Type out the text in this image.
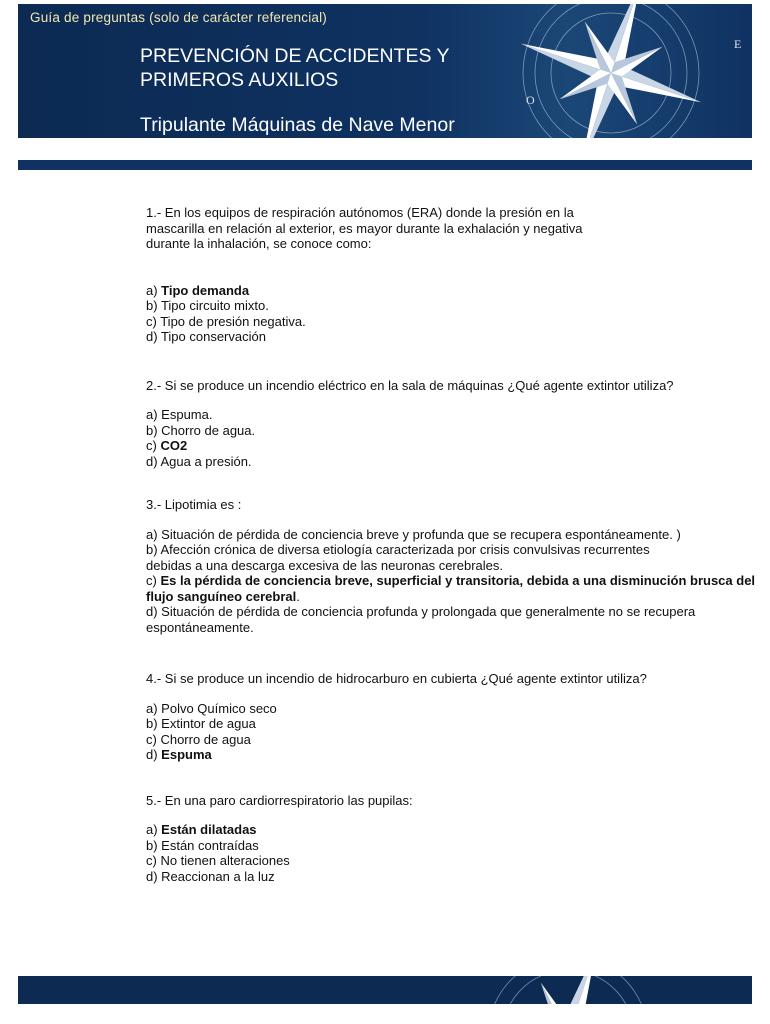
Guía de preguntas (solo de carácter referencial)
PREVENCIÓN DE ACCIDENTES Y
PRIMEROS AUXILIOS
Tripulante Máquinas de Nave Menor
O
E
1.- En los equipos de respiración autónomos (ERA) donde la presión en la
mascarilla en relación al exterior, es mayor durante la exhalación y negativa
durante la inhalación, se conoce como:
a) Tipo demanda
b) Tipo circuito mixto.
c) Tipo de presión negativa.
d) Tipo conservación
2.- Si se produce un incendio eléctrico en la sala de máquinas ¿Qué agente extintor utiliza?
a) Espuma.
b) Chorro de agua.
c) CO2
d) Agua a presión.
3.- Lipotimia es :
a) Situación de pérdida de conciencia breve y profunda que se recupera espontáneamente. )
b) Afección crónica de diversa etiología caracterizada por crisis convulsivas recurrentes
debidas a una descarga excesiva de las neuronas cerebrales.
c) Es la pérdida de conciencia breve, superficial y transitoria, debida a una disminución brusca del flujo sanguíneo cerebral.
d) Situación de pérdida de conciencia profunda y prolongada que generalmente no se recupera espontáneamente.
4.- Si se produce un incendio de hidrocarburo en cubierta ¿Qué agente extintor utiliza?
a) Polvo Químico seco
b) Extintor de agua
c) Chorro de agua
d) Espuma
5.- En una paro cardiorrespiratorio las pupilas:
a) Están dilatadas
b) Están contraídas
c) No tienen alteraciones
d) Reaccionan a la luz
